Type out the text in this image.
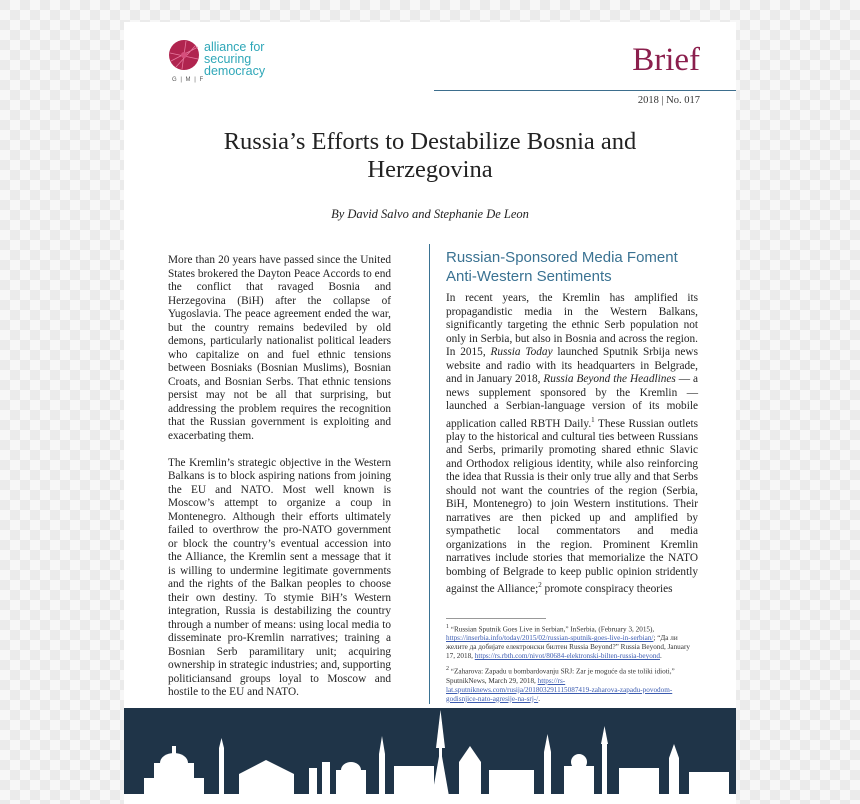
G | M | F
alliance for
securing
democracy	Brief
2018 | No. 017
Russia’s Efforts to Destabilize Bosnia and Herzegovina
By David Salvo and Stephanie De Leon

More than 20 years have passed since the United States brokered the Dayton Peace Accords to end the conflict that ravaged Bosnia and Herzegovina (BiH) after the collapse of Yugoslavia. The peace agreement ended the war, but the country remains bedeviled by old demons, particularly nationalist political leaders who capitalize on and fuel ethnic tensions between Bosniaks (Bosnian Muslims), Bosnian Croats, and Bosnian Serbs. That ethnic tensions persist may not be all that surprising, but addressing the problem requires the recognition that the Russian government is exploiting and exacerbating them.

The Kremlin’s strategic objective in the Western Balkans is to block aspiring nations from joining the EU and NATO. Most well known is Moscow’s attempt to organize a coup in Montenegro. Although their efforts ultimately failed to overthrow the pro-NATO government or block the country’s eventual accession into the Alliance, the Kremlin sent a message that it is willing to undermine legitimate governments and the rights of the Balkan peoples to choose their own destiny. To stymie BiH’s Western integration, Russia is destabilizing the country through a number of means: using local media to disseminate pro-Kremlin narratives; training a Bosnian Serb paramilitary unit; acquiring ownership in strategic industries; and, supporting politiciansand groups loyal to Moscow and hostile to the EU and NATO.

Russian-Sponsored Media Foment Anti-Western Sentiments

In recent years, the Kremlin has amplified its propagandistic media in the Western Balkans, significantly targeting the ethnic Serb population not only in Serbia, but also in Bosnia and across the region. In 2015, Russia Today launched Sputnik Srbija news website and radio with its headquarters in Belgrade, and in January 2018, Russia Beyond the Headlines — a news supplement sponsored by the Kremlin — launched a Serbian-language version of its mobile application called RBTH Daily.$^1$ These Russian outlets play to the historical and cultural ties between Russians and Serbs, primarily promoting shared ethnic Slavic and Orthodox religious identity, while also reinforcing the idea that Russia is their only true ally and that Serbs should not want the countries of the region (Serbia, BiH, Montenegro) to join Western institutions. Their narratives are then picked up and amplified by sympathetic local commentators and media organizations in the region. Prominent Kremlin narratives include stories that memorialize the NATO bombing of Belgrade to keep public opinion stridently against the Alliance;$^2$ promote conspiracy theories

$^1$ “Russian Sputnik Goes Live in Serbian,” InSerbia, (February 3, 2015), https://inserbia.info/today/2015/02/russian-sputnik-goes-live-in-serbian/; “Да ли желите да добијате електронски билтен Russia Beyond?” Russia Beyond, January 17, 2018, https://rs.rbth.com/nivot/80684-elektronski-bilten-russia-beyond.

$^2$ “Zaharova: Zapadu u bombardovanju SRJ: Zar je moguće da ste toliki idioti,” SputnikNews, March 29, 2018, https://rs-lat.sputniknews.com/rusija/201803291115087419-zaharova-zapadu-povodom-godisnjice-nato-agresije-na-srj-/.
